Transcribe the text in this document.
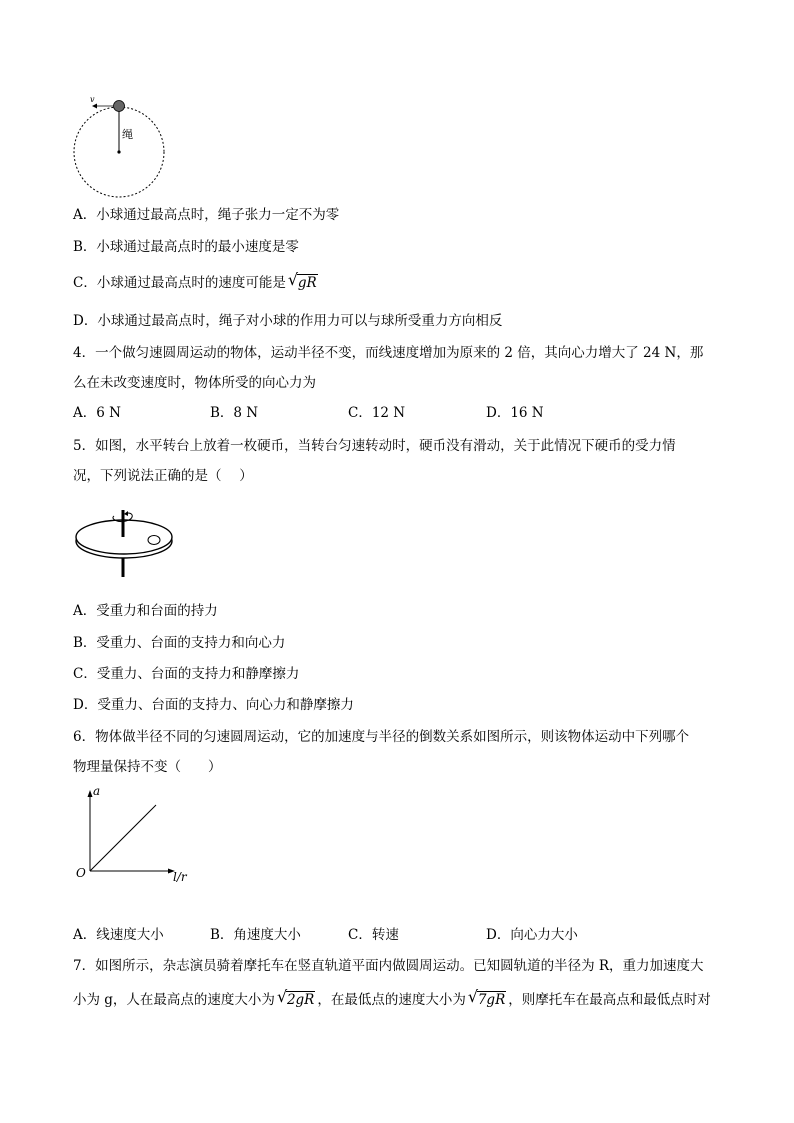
v
绳
A．小球通过最高点时，绳子张力一定不为零
B．小球通过最高点时的最小速度是零
C．小球通过最高点时的速度可能是 √ gR
D．小球通过最高点时，绳子对小球的作用力可以与球所受重力方向相反
4．一个做匀速圆周运动的物体，运动半径不变，而线速度增加为原来的 2 倍，其向心力增大了 24 N，那
么在未改变速度时，物体所受的向心力为
A．6 N	B．8 N	C．12 N	D．16 N
5．如图，水平转台上放着一枚硬币，当转台匀速转动时，硬币没有滑动，关于此情况下硬币的受力情
况，下列说法正确的是（　 ）
A．受重力和台面的持力
B．受重力、台面的支持力和向心力
C．受重力、台面的支持力和静摩擦力
D．受重力、台面的支持力、向心力和静摩擦力
6．物体做半径不同的匀速圆周运动，它的加速度与半径的倒数关系如图所示，则该物体运动中下列哪个
物理量保持不变（　　）
a
l/r
O
A．线速度大小	B．角速度大小	C．转速	D．向心力大小
7．如图所示，杂志演员骑着摩托车在竖直轨道平面内做圆周运动。已知圆轨道的半径为 R，重力加速度大
小为 g，人在最高点的速度大小为 √ 2gR ，在最低点的速度大小为 √ 7gR ，则摩托车在最高点和最低点时对
